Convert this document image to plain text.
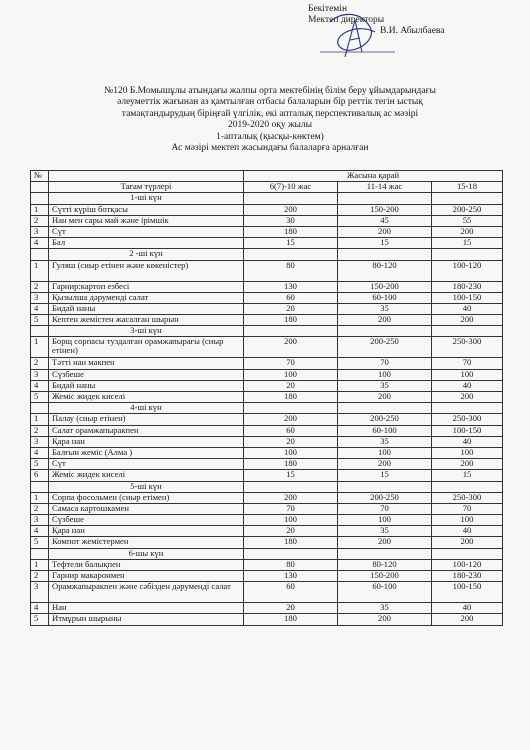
Бекітемін
Мектеп директоры
В.И. Абылбаева
№120 Б.Момышұлы атындағы жалпы орта мектебінің білім беру ұйымдарындағы
әлеуметтік жағынан аз қамтылған отбасы балаларын бір реттік тегін ыстық
тамақтандырудың біріңғай үлгілік, екі апталық перспективалық ас мәзірі
2019-2020 оқу жылы
1-апталық (қысқы-көктем)
Ас мәзірі мектеп жасындағы балаларға арналған
№		Жасына қарай		
	Тағам түрлері	6(7)-10 жас	11-14 жас	15-18
	1-ші күн			
1	Сүтті күріш ботқасы	200	150-200	200-250
2	Нан мен сары май және ірімшік	30	45	55
3	Сүт	180	200	200
4	Бал	15	15	15
	2 -ші күн			
1	Гуляш (сиыр етінен және көкеністер)	80	80-120	100-120
2	Гарнир:картоп езбесі	130	150-200	180-230
3	Қызылша дәрумендi салат	60	60-100	100-150
4	Бидай наны	20	35	40
5	Кептен жемістен жасалған шырын	180	200	200
	3-ші күн			
1	Борщ сорпасы туздалған орамжапырағы (сиыр етінен)	200	200-250	250-300
2	Тәтті нан макпен	70	70	70
3	Сүзбеше	100	100	100
4	Бидай наны	20	35	40
5	Жеміс жидек киселі	180	200	200
	4-ші күн			
1	Палау (сиыр етінен)	200	200-250	250-300
2	Салат орамжапыракпен	60	60-100	100-150
3	Қара нан	20	35	40
4	Балғын жеміс (Алма )	100	100	100
5	Сүт	180	200	200
6	Жеміс жидек киселі	15	15	15
	5-ші күн			
1	Сорпа фосольмен (сиыр етімен)	200	200-250	250-300
2	Самаса картошкамен	70	70	70
3	Сүзбеше	100	100	100
4	Қара нан	20	35	40
5	Компот жемістермен	180	200	200
	6-шы күн			
1	Тефтели балықпен	80	80-120	100-120
2	Гарнир макаронмен	130	150-200	180-230
3	Орамжапыракпен және сәбізден дәрумендi салат	60	60-100	100-150
4	Нан	20	35	40
5	Итмұрын шырыны	180	200	200
